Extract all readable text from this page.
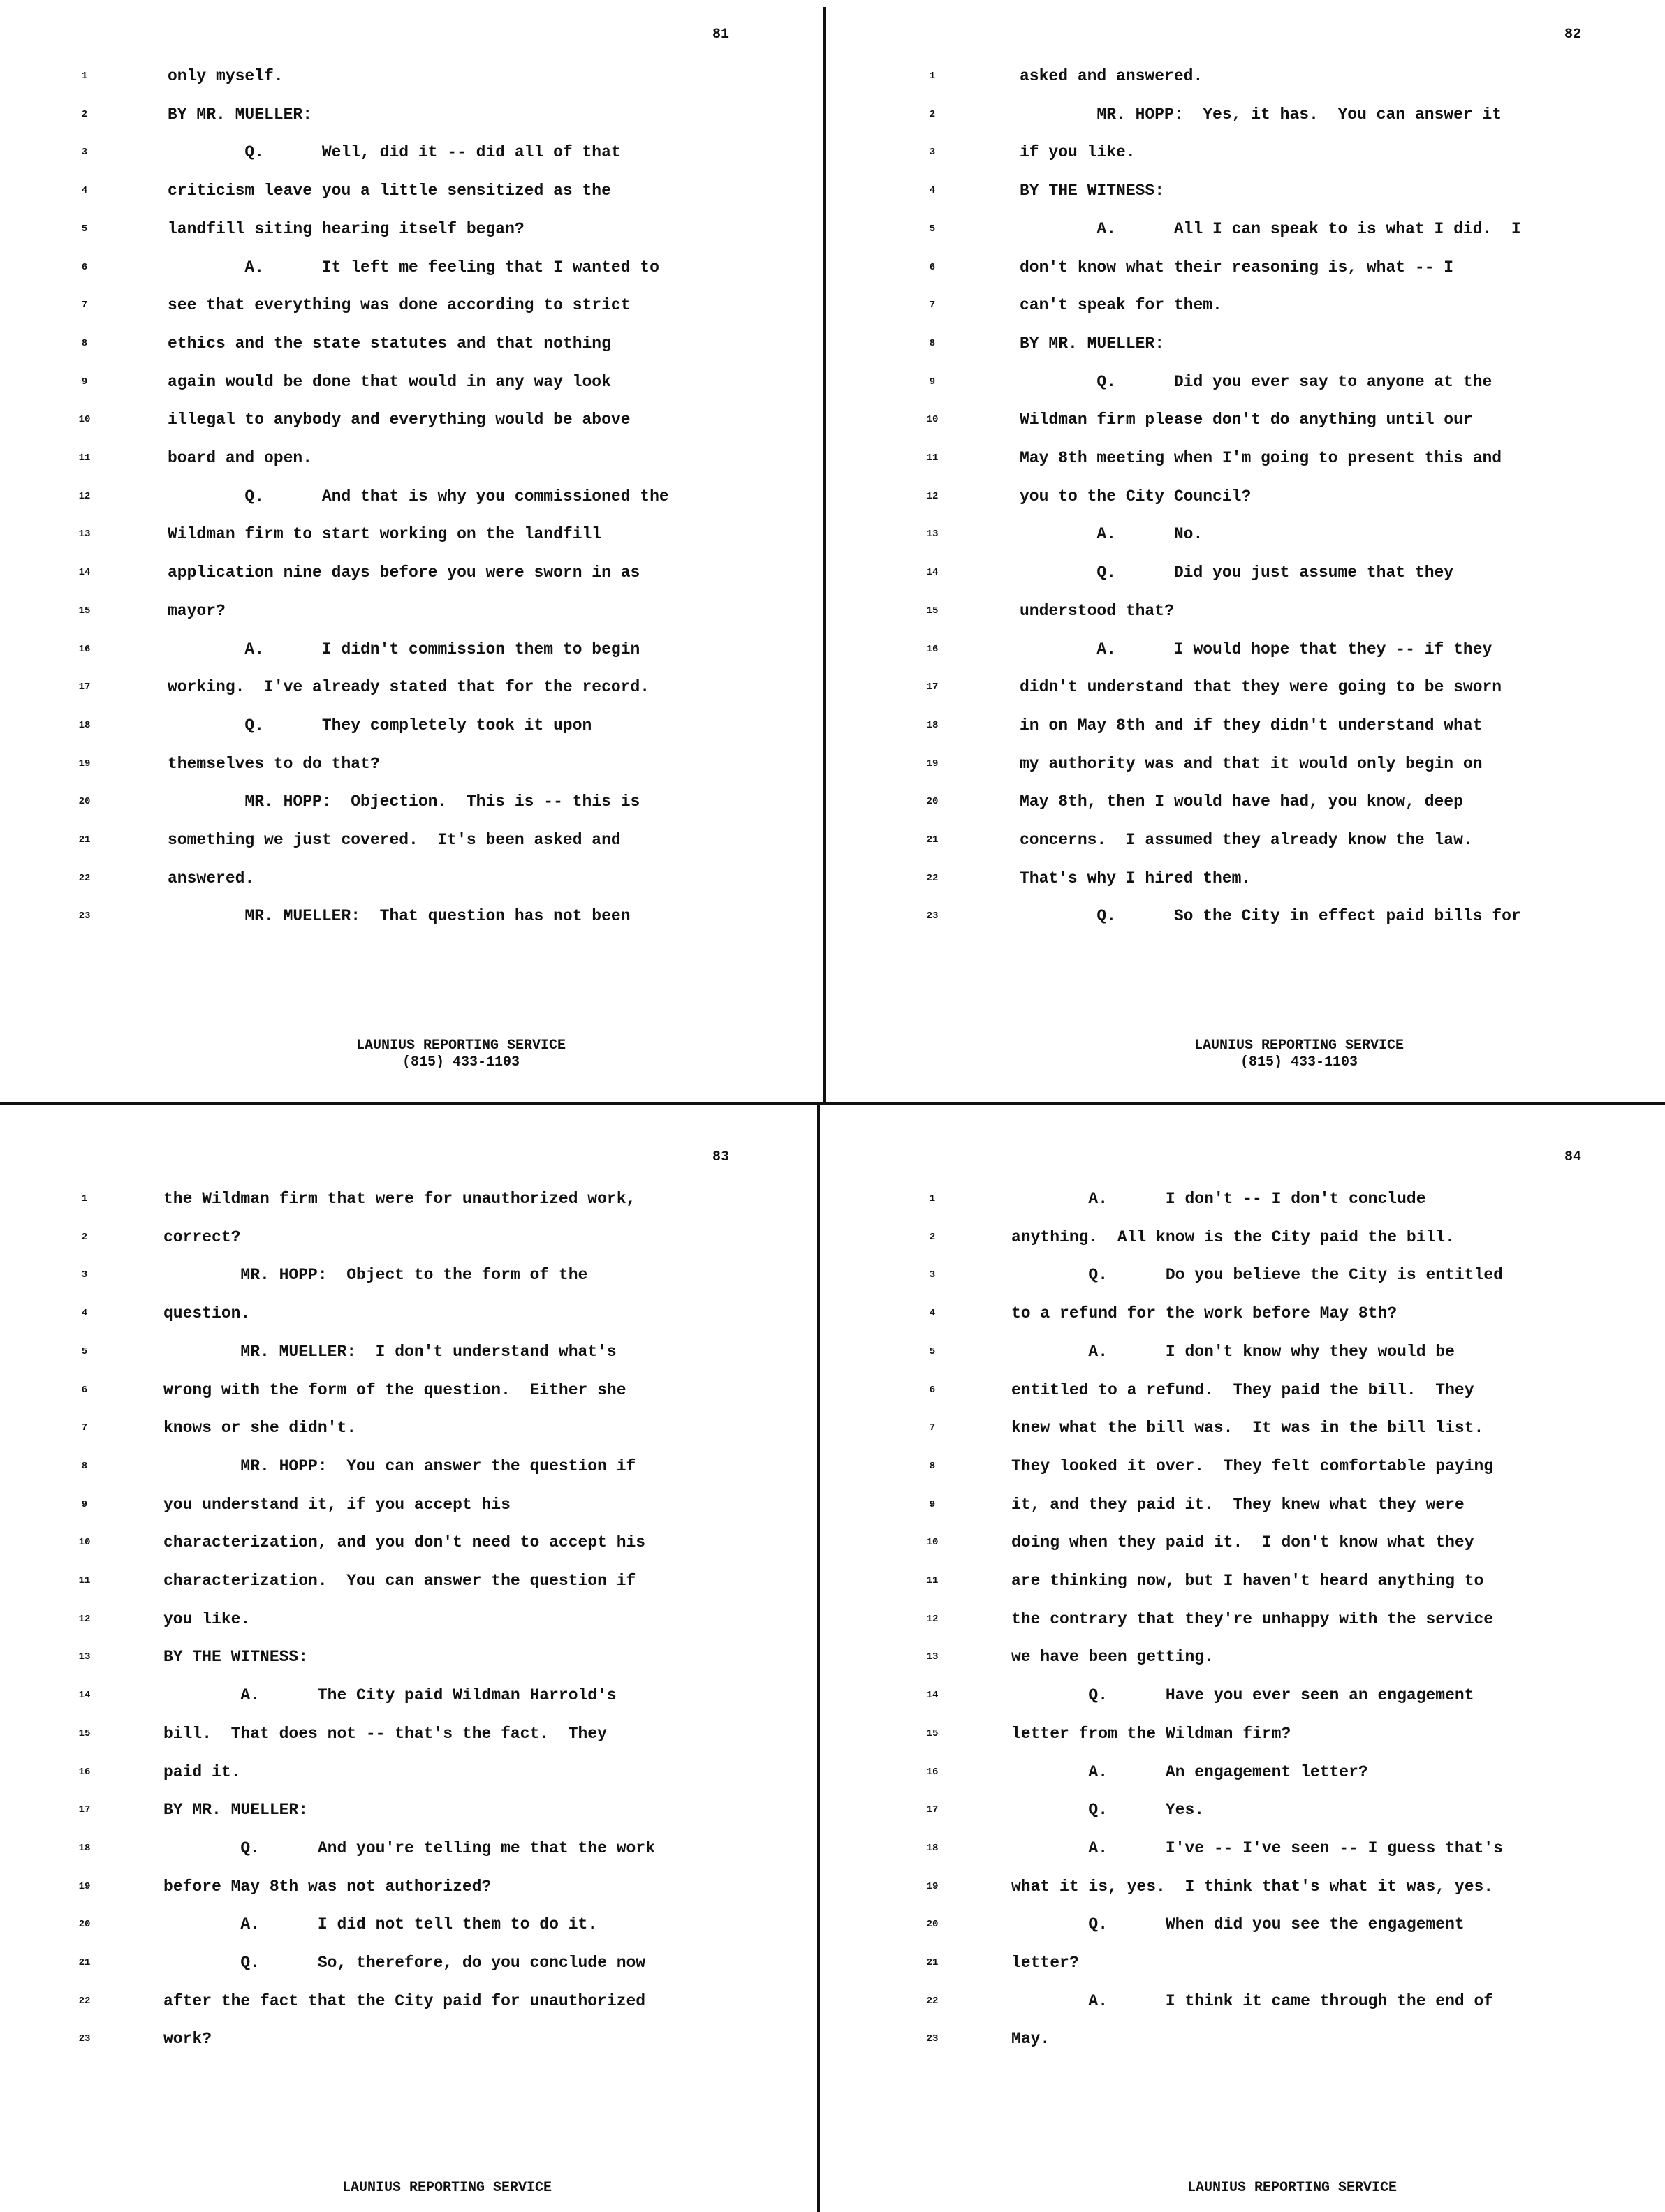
81
1	only myself.
2	BY MR. MUELLER:
3	Q.      Well, did it -- did all of that
4	criticism leave you a little sensitized as the
5	landfill siting hearing itself began?
6	A.      It left me feeling that I wanted to
7	see that everything was done according to strict
8	ethics and the state statutes and that nothing
9	again would be done that would in any way look
10	illegal to anybody and everything would be above
11	board and open.
12	Q.      And that is why you commissioned the
13	Wildman firm to start working on the landfill
14	application nine days before you were sworn in as
15	mayor?
16	A.      I didn't commission them to begin
17	working.  I've already stated that for the record.
18	Q.      They completely took it upon
19	themselves to do that?
20	MR. HOPP:  Objection.  This is -- this is
21	something we just covered.  It's been asked and
22	answered.
23	MR. MUELLER:  That question has not been
LAUNIUS REPORTING SERVICE
(815) 433-1103
82
1	asked and answered.
2	MR. HOPP:  Yes, it has.  You can answer it
3	if you like.
4	BY THE WITNESS:
5	A.      All I can speak to is what I did.  I
6	don't know what their reasoning is, what -- I
7	can't speak for them.
8	BY MR. MUELLER:
9	Q.      Did you ever say to anyone at the
10	Wildman firm please don't do anything until our
11	May 8th meeting when I'm going to present this and
12	you to the City Council?
13	A.      No.
14	Q.      Did you just assume that they
15	understood that?
16	A.      I would hope that they -- if they
17	didn't understand that they were going to be sworn
18	in on May 8th and if they didn't understand what
19	my authority was and that it would only begin on
20	May 8th, then I would have had, you know, deep
21	concerns.  I assumed they already know the law.
22	That's why I hired them.
23	Q.      So the City in effect paid bills for
LAUNIUS REPORTING SERVICE
(815) 433-1103
83
1	the Wildman firm that were for unauthorized work,
2	correct?
3	MR. HOPP:  Object to the form of the
4	question.
5	MR. MUELLER:  I don't understand what's
6	wrong with the form of the question.  Either she
7	knows or she didn't.
8	MR. HOPP:  You can answer the question if
9	you understand it, if you accept his
10	characterization, and you don't need to accept his
11	characterization.  You can answer the question if
12	you like.
13	BY THE WITNESS:
14	A.      The City paid Wildman Harrold's
15	bill.  That does not -- that's the fact.  They
16	paid it.
17	BY MR. MUELLER:
18	Q.      And you're telling me that the work
19	before May 8th was not authorized?
20	A.      I did not tell them to do it.
21	Q.      So, therefore, do you conclude now
22	after the fact that the City paid for unauthorized
23	work?
LAUNIUS REPORTING SERVICE
84
1	A.      I don't -- I don't conclude
2	anything.  All know is the City paid the bill.
3	Q.      Do you believe the City is entitled
4	to a refund for the work before May 8th?
5	A.      I don't know why they would be
6	entitled to a refund.  They paid the bill.  They
7	knew what the bill was.  It was in the bill list.
8	They looked it over.  They felt comfortable paying
9	it, and they paid it.  They knew what they were
10	doing when they paid it.  I don't know what they
11	are thinking now, but I haven't heard anything to
12	the contrary that they're unhappy with the service
13	we have been getting.
14	Q.      Have you ever seen an engagement
15	letter from the Wildman firm?
16	A.      An engagement letter?
17	Q.      Yes.
18	A.      I've -- I've seen -- I guess that's
19	what it is, yes.  I think that's what it was, yes.
20	Q.      When did you see the engagement
21	letter?
22	A.      I think it came through the end of
23	May.
LAUNIUS REPORTING SERVICE
